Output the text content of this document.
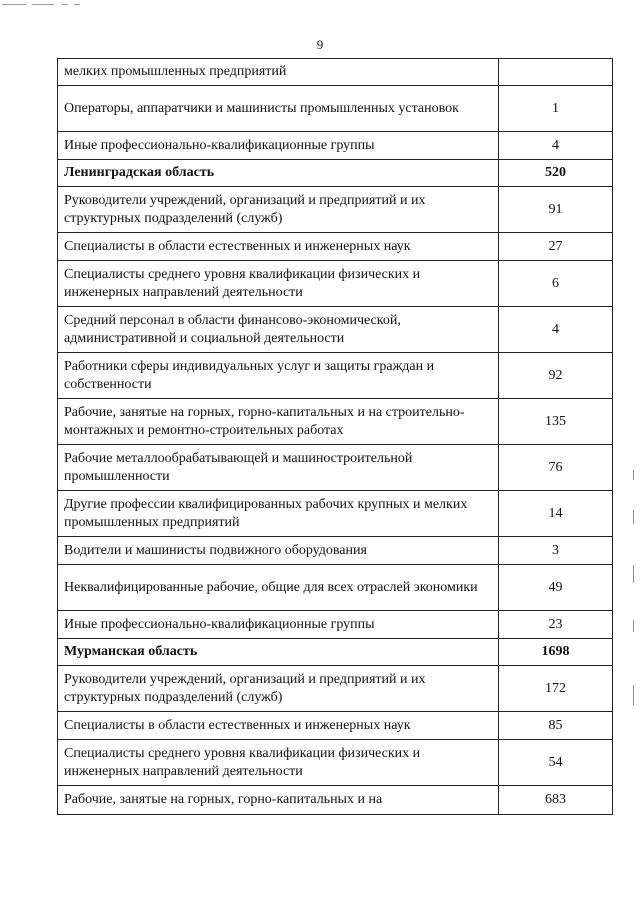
9
мелких промышленных предприятий	
Операторы, аппаратчики и машинисты промышленных установок	1
Иные профессионально-квалификационные группы	4
Ленинградская область	520
Руководители учреждений, организаций и предприятий и их структурных подразделений (служб)	91
Специалисты в области естественных и инженерных наук	27
Специалисты среднего уровня квалификации физических и инженерных направлений деятельности	6
Средний персонал в области финансово-экономической, административной и социальной деятельности	4
Работники сферы индивидуальных услуг и защиты граждан и собственности	92
Рабочие, занятые на горных, горно-капитальных и на строительно-монтажных и ремонтно-строительных работах	135
Рабочие металлообрабатывающей и машиностроительной промышленности	76
Другие профессии квалифицированных рабочих крупных и мелких промышленных предприятий	14
Водители и машинисты подвижного оборудования	3
Неквалифицированные рабочие, общие для всех отраслей экономики	49
Иные профессионально-квалификационные группы	23
Мурманская область	1698
Руководители учреждений, организаций и предприятий и их структурных подразделений (служб)	172
Специалисты в области естественных и инженерных наук	85
Специалисты среднего уровня квалификации физических и инженерных направлений деятельности	54
Рабочие, занятые на горных, горно-капитальных и на	683
